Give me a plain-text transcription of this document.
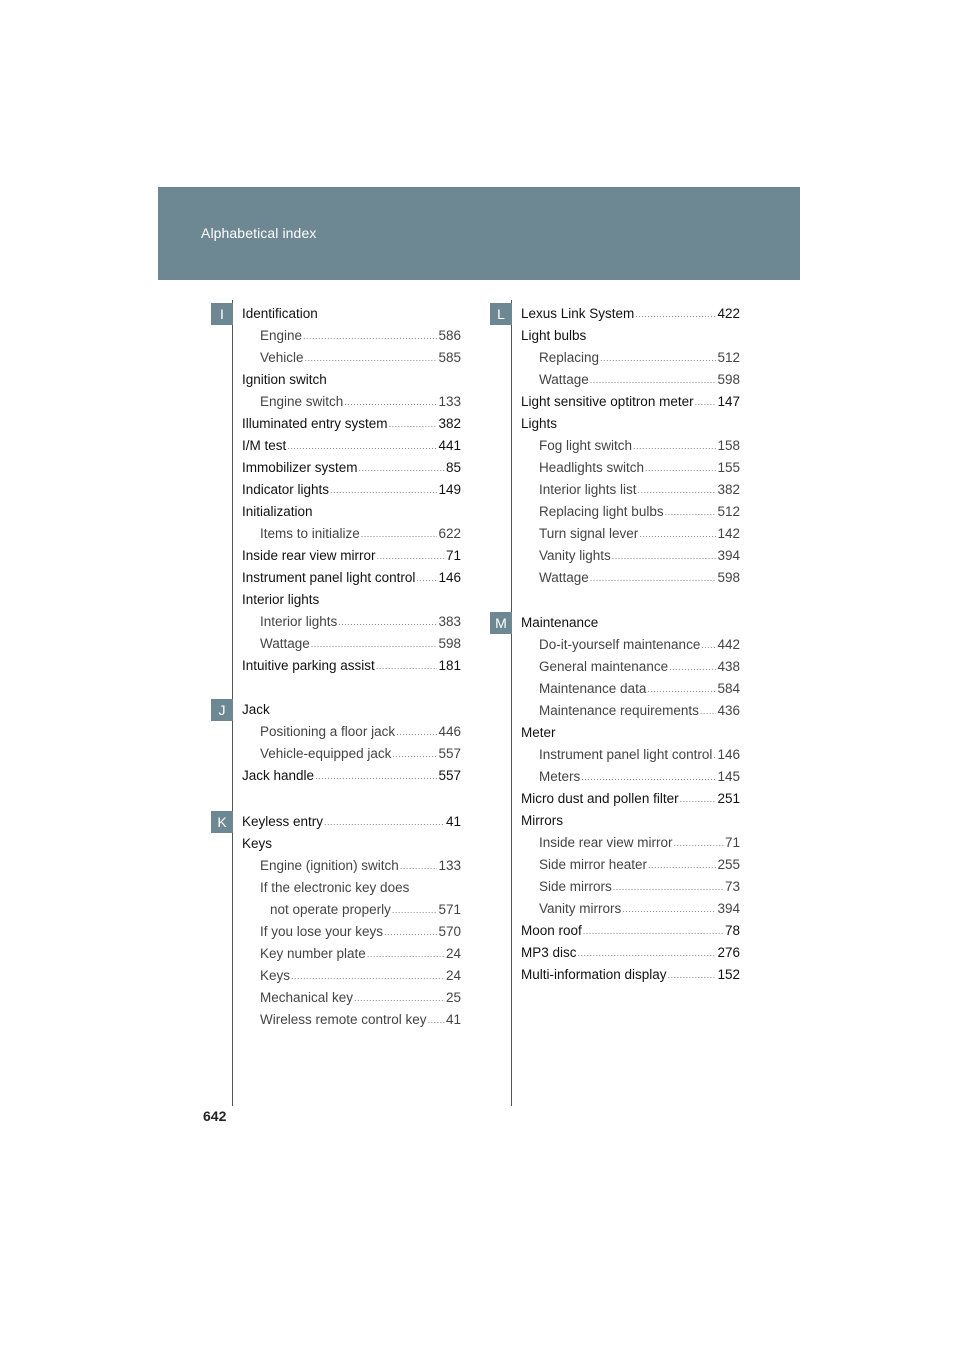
Alphabetical index
I
J
K
L
M
Identification
Engine .....	586
Vehicle .....	585
Ignition switch
Engine switch .....	133
Illuminated entry system .....	382
I/M test .....	441
Immobilizer system .....	85
Indicator lights .....	149
Initialization
Items to initialize .....	622
Inside rear view mirror .....	71
Instrument panel light control ..... 146
Interior lights
Interior lights .....	383
Wattage .....	598
Intuitive parking assist .....	181
Jack
Positioning a floor jack .....	446
Vehicle-equipped jack .....	557
Jack handle .....	557
Keyless entry .....	41
Keys
Engine (ignition) switch .....	133
If the electronic key does
not operate properly .....	571
If you lose your keys .....	570
Key number plate .....	24
Keys .....	24
Mechanical key .....	25
Wireless remote control key ..... 41
Lexus Link System .....	422
Light bulbs
Replacing .....	512
Wattage .....	598
Light sensitive optitron meter ..... 147
Lights
Fog light switch .....	158
Headlights switch .....	155
Interior lights list .....	382
Replacing light bulbs .....	512
Turn signal lever .....	142
Vanity lights .....	394
Wattage .....	598
Maintenance
Do-it-yourself maintenance ..... 442
General maintenance .....	438
Maintenance data .....	584
Maintenance requirements ..... 436
Meter
Instrument panel light control ..... 146
Meters .....	145
Micro dust and pollen filter .....	251
Mirrors
Inside rear view mirror .....	71
Side mirror heater .....	255
Side mirrors .....	73
Vanity mirrors .....	394
Moon roof .....	78
MP3 disc .....	276
Multi-information display .....	152
642
